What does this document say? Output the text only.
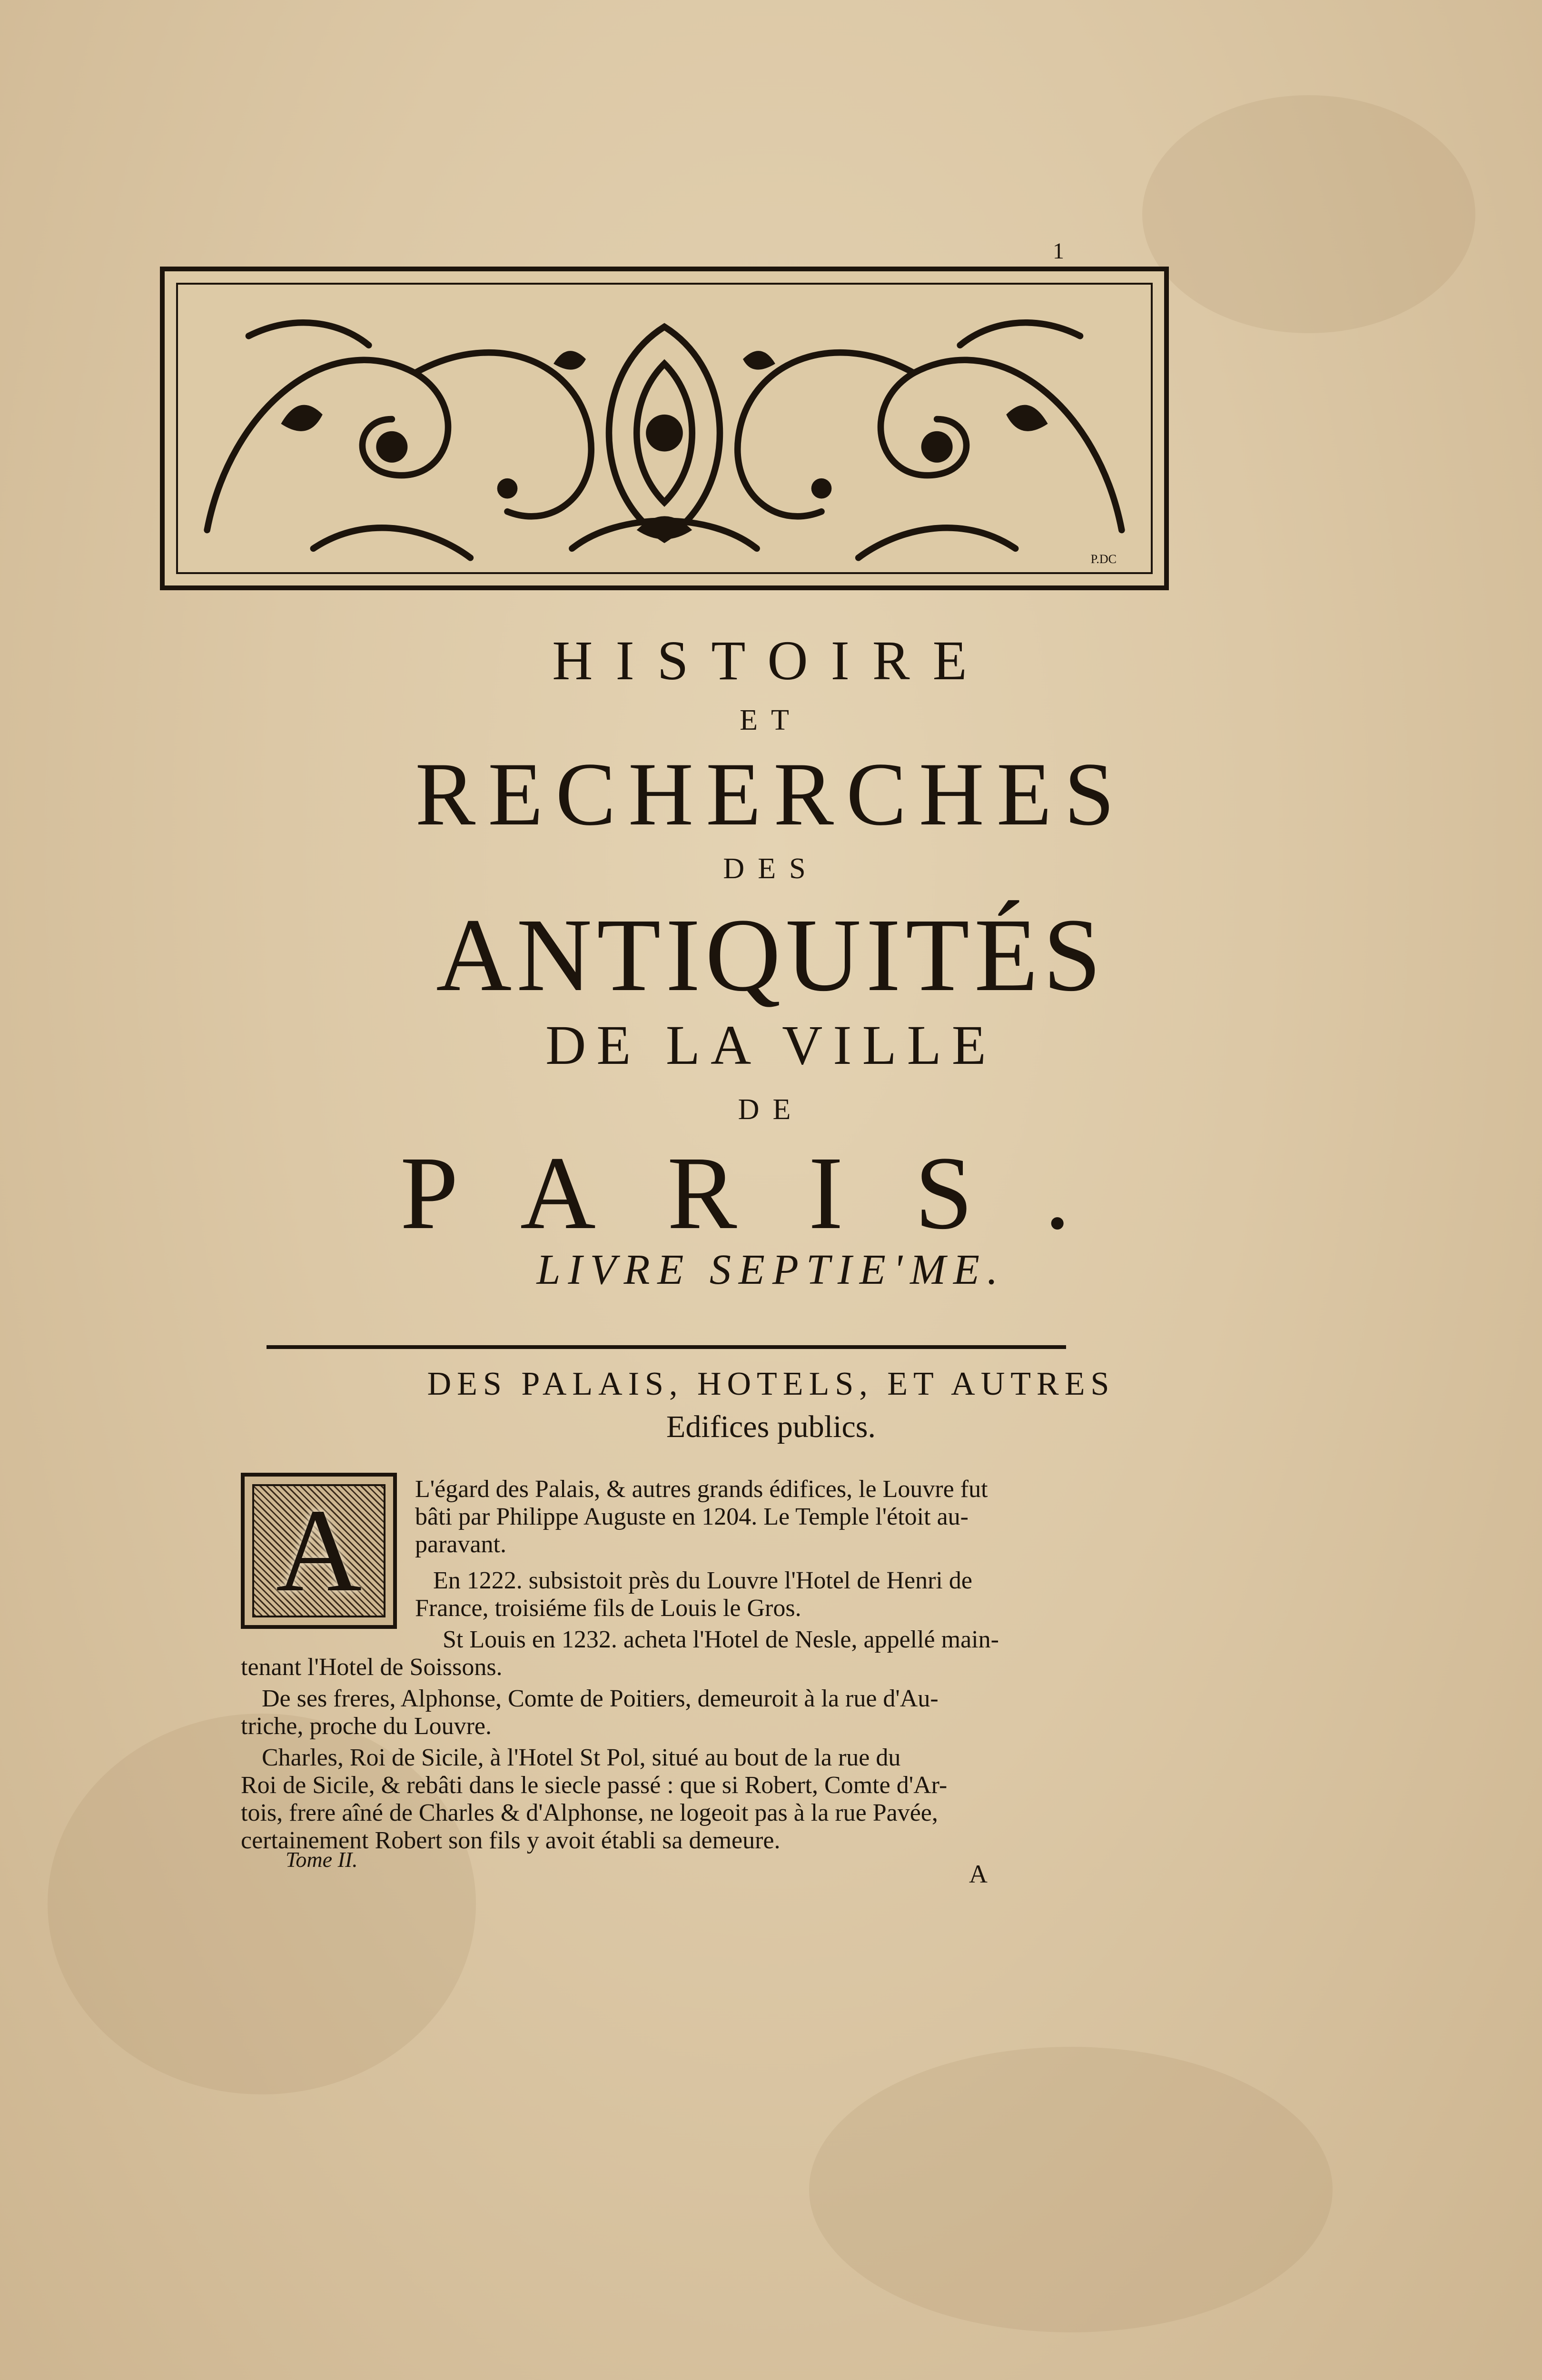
1
P.DC
HISTOIRE
ET
RECHERCHES
DES
ANTIQUITÉS
DE LA VILLE
DE
PARIS.
LIVRE SEPTIE'ME.
DES PALAIS, HOTELS, ET AUTRES
Edifices publics.
A	L'égard des Palais, & autres grands édifices, le Louvre fut
bâti par Philippe Auguste en 1204. Le Temple l'étoit au-
paravant.
En 1222. subsistoit près du Louvre l'Hotel de Henri de
France, troisiéme fils de Louis le Gros.
St Louis en 1232. acheta l'Hotel de Nesle, appellé main-
tenant l'Hotel de Soissons.
De ses freres, Alphonse, Comte de Poitiers, demeuroit à la rue d'Au-
triche, proche du Louvre.
Charles, Roi de Sicile, à l'Hotel St Pol, situé au bout de la rue du
Roi de Sicile, & rebâti dans le siecle passé : que si Robert, Comte d'Ar-
tois, frere aîné de Charles & d'Alphonse, ne logeoit pas à la rue Pavée,
certainement Robert son fils y avoit établi sa demeure.
Tome II.
A
